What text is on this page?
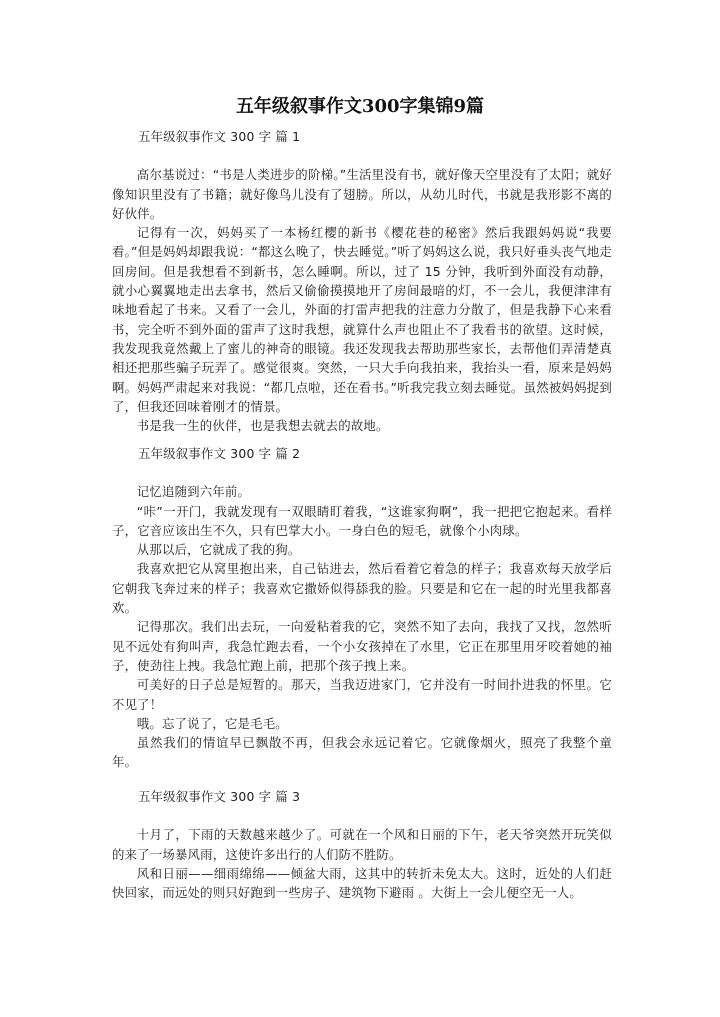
五年级叙事作文300字集锦9篇

五年级叙事作文 300 字 篇 1

高尔基说过：“书是人类进步的阶梯。”生活里没有书，就好像天空里没有了太阳；就好像知识里没有了书籍；就好像鸟儿没有了翅膀。所以，从幼儿时代，书就是我形影不离的好伙伴。

记得有一次，妈妈买了一本杨红樱的新书《樱花巷的秘密》然后我跟妈妈说“我要看。”但是妈妈却跟我说：“都这么晚了，快去睡觉。”听了妈妈这么说，我只好垂头丧气地走回房间。但是我想看不到新书，怎么睡啊。所以，过了 15 分钟，我听到外面没有动静，就小心翼翼地走出去拿书，然后又偷偷摸摸地开了房间最暗的灯，不一会儿，我便津津有味地看起了书来。又看了一会儿，外面的打雷声把我的注意力分散了，但是我静下心来看书，完全听不到外面的雷声了这时我想，就算什么声也阻止不了我看书的欲望。这时候，我发现我竟然戴上了蜜儿的神奇的眼镜。我还发现我去帮助那些家长，去帮他们弄清楚真相还把那些骗子玩弄了。感觉很爽。突然，一只大手向我拍来，我抬头一看，原来是妈妈啊。妈妈严肃起来对我说：“都几点啦，还在看书。”听我完我立刻去睡觉。虽然被妈妈捉到了，但我还回味着刚才的情景。

书是我一生的伙伴，也是我想去就去的故地。

五年级叙事作文 300 字 篇 2

记忆追随到六年前。

“咔”一开门，我就发现有一双眼睛盯着我，“这谁家狗啊”，我一把把它抱起来。看样子，它音应该出生不久，只有巴掌大小。一身白色的短毛，就像个小肉球。

从那以后，它就成了我的狗。

我喜欢把它从窝里抱出来，自己钻进去，然后看着它着急的样子；我喜欢每天放学后它朝我飞奔过来的样子；我喜欢它撒娇似得舔我的脸。只要是和它在一起的时光里我都喜欢。

记得那次。我们出去玩，一向爱粘着我的它，突然不知了去向，我找了又找，忽然听见不远处有狗叫声，我急忙跑去看，一个小女孩掉在了水里，它正在那里用牙咬着她的袖子，使劲往上拽。我急忙跑上前，把那个孩子拽上来。

可美好的日子总是短暂的。那天，当我迈进家门，它并没有一时间扑进我的怀里。它不见了！

哦。忘了说了，它是毛毛。

虽然我们的情谊早已飘散不再，但我会永远记着它。它就像烟火，照亮了我整个童年。

五年级叙事作文 300 字 篇 3

十月了，下雨的天数越来越少了。可就在一个风和日丽的下午，老天爷突然开玩笑似的来了一场暴风雨，这使许多出行的人们防不胜防。

风和日丽——细雨绵绵——倾盆大雨，这其中的转折未免太大。这时，近处的人们赶快回家，而远处的则只好跑到一些房子、建筑物下避雨 。大街上一会儿便空无一人。
